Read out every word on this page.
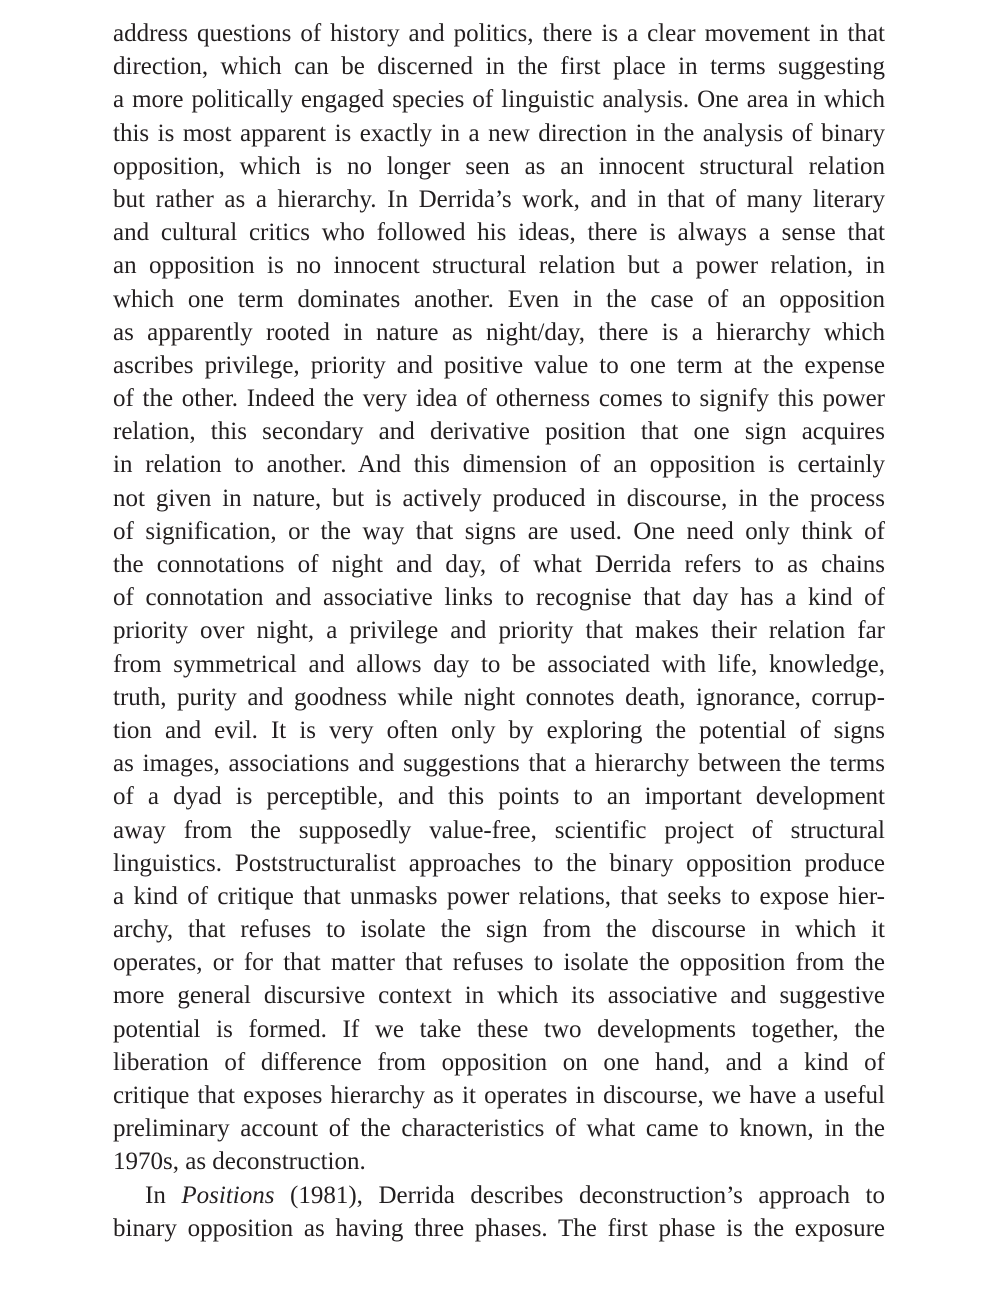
address questions of history and politics, there is a clear movement in that
direction, which can be discerned in the first place in terms suggesting
a more politically engaged species of linguistic analysis. One area in which
this is most apparent is exactly in a new direction in the analysis of binary
opposition, which is no longer seen as an innocent structural relation
but rather as a hierarchy. In Derrida’s work, and in that of many literary
and cultural critics who followed his ideas, there is always a sense that
an opposition is no innocent structural relation but a power relation, in
which one term dominates another. Even in the case of an opposition
as apparently rooted in nature as night/day, there is a hierarchy which
ascribes privilege, priority and positive value to one term at the expense
of the other. Indeed the very idea of otherness comes to signify this power
relation, this secondary and derivative position that one sign acquires
in relation to another. And this dimension of an opposition is certainly
not given in nature, but is actively produced in discourse, in the process
of signification, or the way that signs are used. One need only think of
the connotations of night and day, of what Derrida refers to as chains
of connotation and associative links to recognise that day has a kind of
priority over night, a privilege and priority that makes their relation far
from symmetrical and allows day to be associated with life, knowledge,
truth, purity and goodness while night connotes death, ignorance, corrup-
tion and evil. It is very often only by exploring the potential of signs
as images, associations and suggestions that a hierarchy between the terms
of a dyad is perceptible, and this points to an important development
away from the supposedly value-free, scientific project of structural
linguistics. Poststructuralist approaches to the binary opposition produce
a kind of critique that unmasks power relations, that seeks to expose hier-
archy, that refuses to isolate the sign from the discourse in which it
operates, or for that matter that refuses to isolate the opposition from the
more general discursive context in which its associative and suggestive
potential is formed. If we take these two developments together, the
liberation of difference from opposition on one hand, and a kind of
critique that exposes hierarchy as it operates in discourse, we have a useful
preliminary account of the characteristics of what came to known, in the
1970s, as deconstruction.
In Positions (1981), Derrida describes deconstruction’s approach to
binary opposition as having three phases. The first phase is the exposure
